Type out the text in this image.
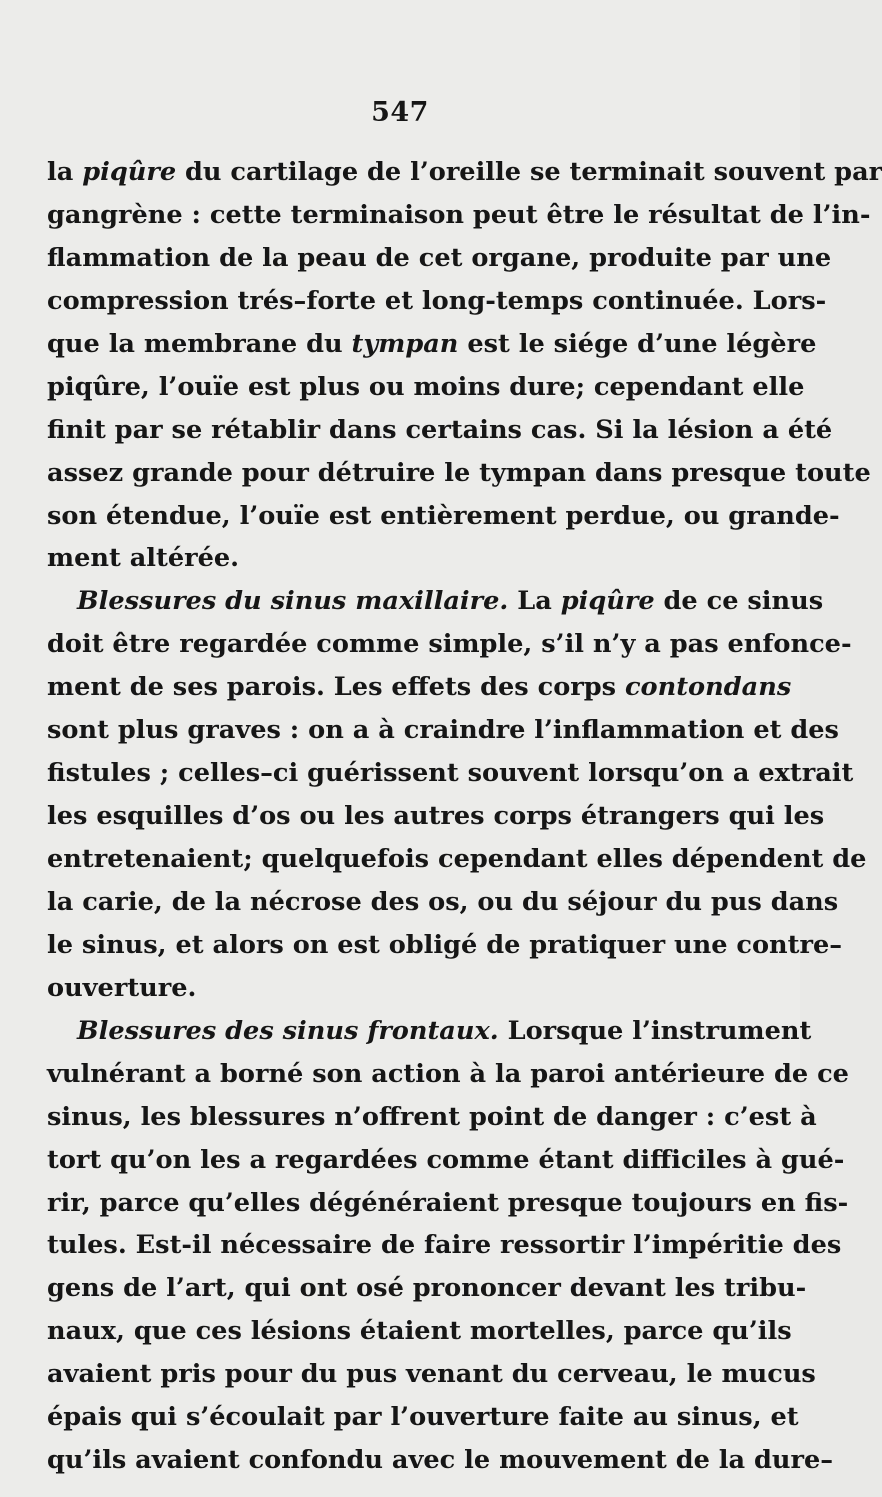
547
la piqûre du cartilage de l’oreille se terminait souvent par
gangrène : cette terminaison peut être le résultat de l’in-
flammation de la peau de cet organe, produite par une
compression trés–forte et long-temps continuée. Lors-
que la membrane du tympan est le siége d’une légère
piqûre, l’ouïe est plus ou moins dure; cependant elle
finit par se rétablir dans certains cas. Si la lésion a été
assez grande pour détruire le tympan dans presque toute
son étendue, l’ouïe est entièrement perdue, ou grande-
ment altérée.
Blessures du sinus maxillaire. La piqûre de ce sinus
doit être regardée comme simple, s’il n’y a pas enfonce-
ment de ses parois. Les effets des corps contondans
sont plus graves : on a à craindre l’inflammation et des
fistules ; celles–ci guérissent souvent lorsqu’on a extrait
les esquilles d’os ou les autres corps étrangers qui les
entretenaient; quelquefois cependant elles dépendent de
la carie, de la nécrose des os, ou du séjour du pus dans
le sinus, et alors on est obligé de pratiquer une contre–
ouverture.
Blessures des sinus frontaux. Lorsque l’instrument
vulnérant a borné son action à la paroi antérieure de ce
sinus, les blessures n’offrent point de danger : c’est à
tort qu’on les a regardées comme étant difficiles à gué-
rir, parce qu’elles dégénéraient presque toujours en fis-
tules. Est-il nécessaire de faire ressortir l’impéritie des
gens de l’art, qui ont osé prononcer devant les tribu-
naux, que ces lésions étaient mortelles, parce qu’ils
avaient pris pour du pus venant du cerveau, le mucus
épais qui s’écoulait par l’ouverture faite au sinus, et
qu’ils avaient confondu avec le mouvement de la dure–
